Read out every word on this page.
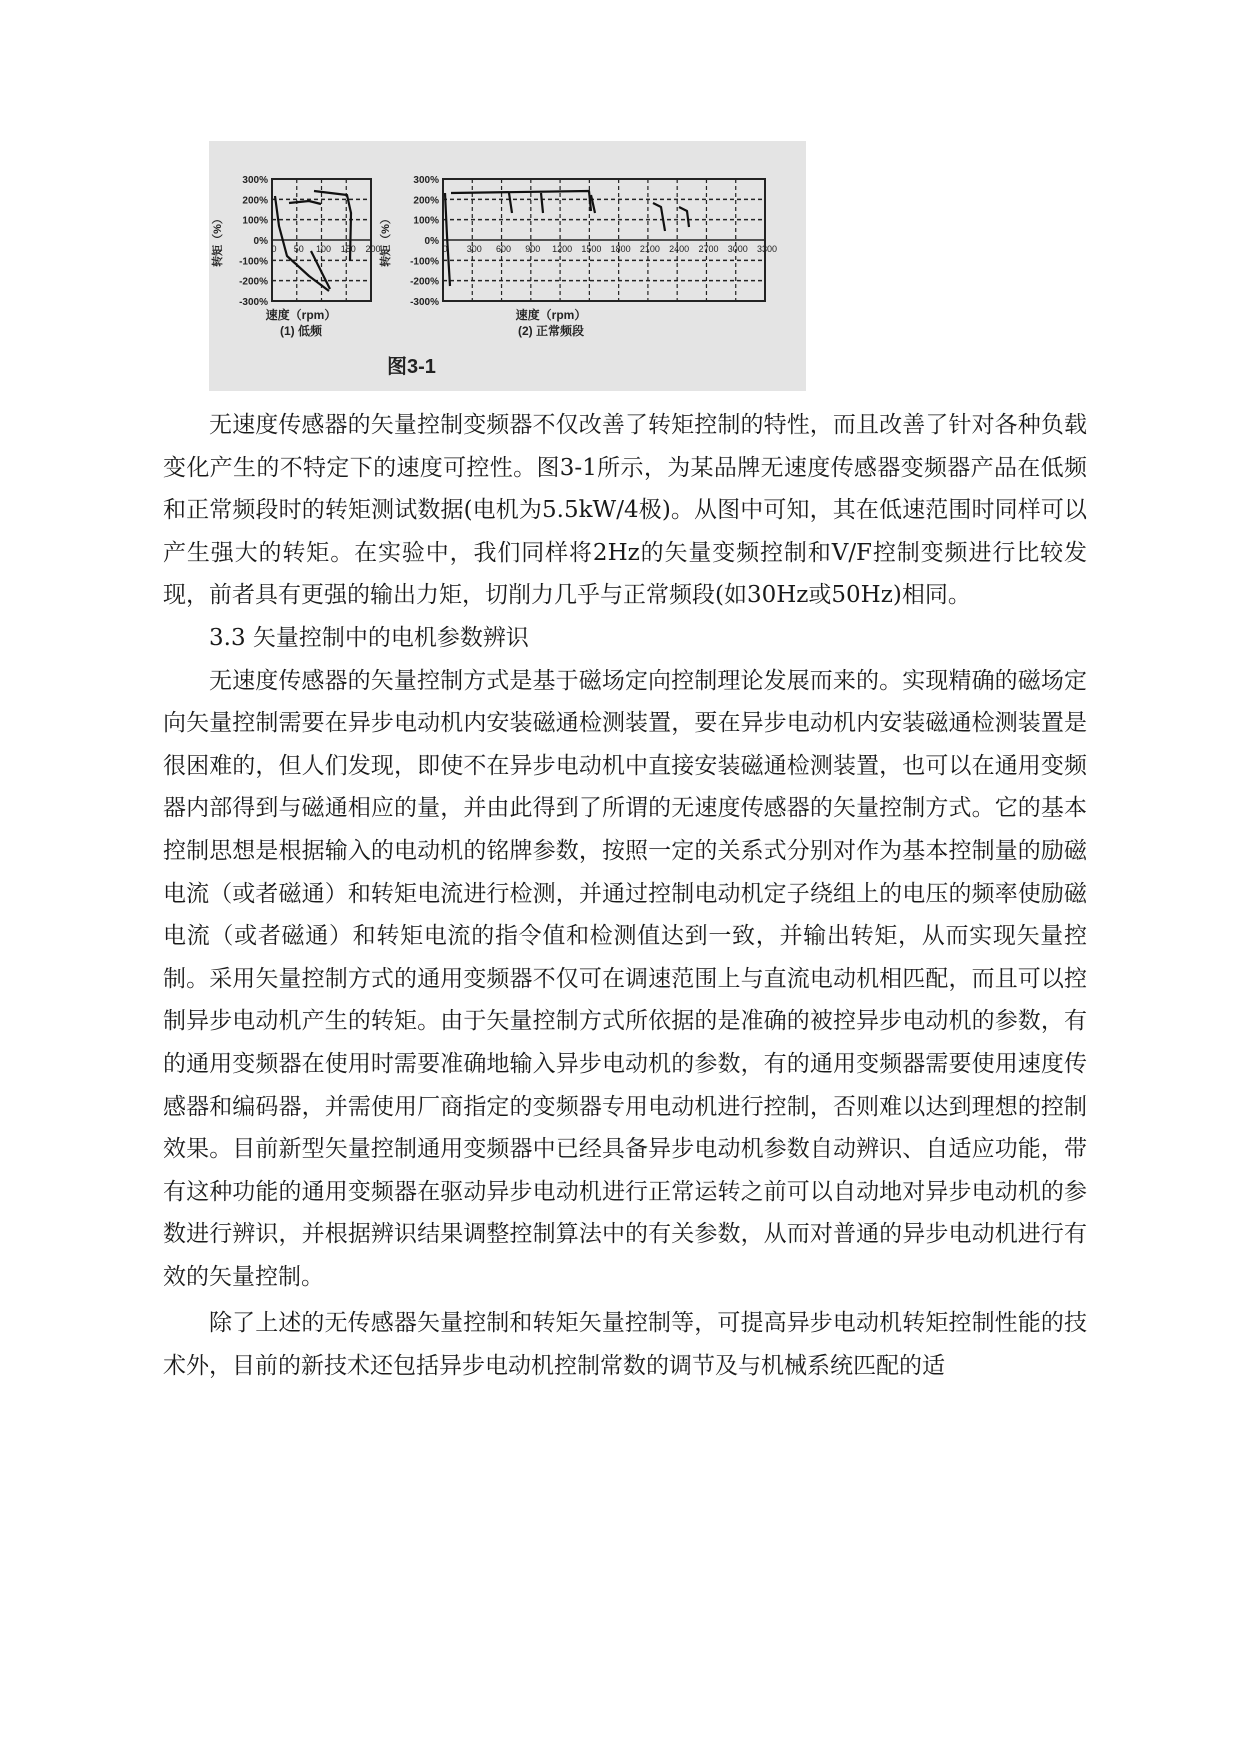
300%
200%
100%
0%
-100%
-200%
-300%
0 50 100 150 200
转矩（%）
速度（rpm）
(1) 低频
300%
200%
100%
0%
-100%
-200%
-300%
0 300 600 900 1200 1500 1800 2100 2400 2700 3000 3300
转矩（%）
速度（rpm）
(2) 正常频段
图3-1

无速度传感器的矢量控制变频器不仅改善了转矩控制的特性，而且改善了针对各种负载变化产生的不特定下的速度可控性。图3-1所示，为某品牌无速度传感器变频器产品在低频和正常频段时的转矩测试数据(电机为5.5kW/4极)。从图中可知，其在低速范围时同样可以产生强大的转矩。在实验中，我们同样将2Hz的矢量变频控制和V/F控制变频进行比较发现，前者具有更强的输出力矩，切削力几乎与正常频段(如30Hz或50Hz)相同。

3.3 矢量控制中的电机参数辨识

无速度传感器的矢量控制方式是基于磁场定向控制理论发展而来的。实现精确的磁场定向矢量控制需要在异步电动机内安装磁通检测装置，要在异步电动机内安装磁通检测装置是很困难的，但人们发现，即使不在异步电动机中直接安装磁通检测装置，也可以在通用变频器内部得到与磁通相应的量，并由此得到了所谓的无速度传感器的矢量控制方式。它的基本控制思想是根据输入的电动机的铭牌参数，按照一定的关系式分别对作为基本控制量的励磁电流（或者磁通）和转矩电流进行检测，并通过控制电动机定子绕组上的电压的频率使励磁电流（或者磁通）和转矩电流的指令值和检测值达到一致，并输出转矩，从而实现矢量控制。采用矢量控制方式的通用变频器不仅可在调速范围上与直流电动机相匹配，而且可以控制异步电动机产生的转矩。由于矢量控制方式所依据的是准确的被控异步电动机的参数，有的通用变频器在使用时需要准确地输入异步电动机的参数，有的通用变频器需要使用速度传感器和编码器，并需使用厂商指定的变频器专用电动机进行控制，否则难以达到理想的控制效果。目前新型矢量控制通用变频器中已经具备异步电动机参数自动辨识、自适应功能，带有这种功能的通用变频器在驱动异步电动机进行正常运转之前可以自动地对异步电动机的参数进行辨识，并根据辨识结果调整控制算法中的有关参数，从而对普通的异步电动机进行有效的矢量控制。

除了上述的无传感器矢量控制和转矩矢量控制等，可提高异步电动机转矩控制性能的技术外，目前的新技术还包括异步电动机控制常数的调节及与机械系统匹配的适
